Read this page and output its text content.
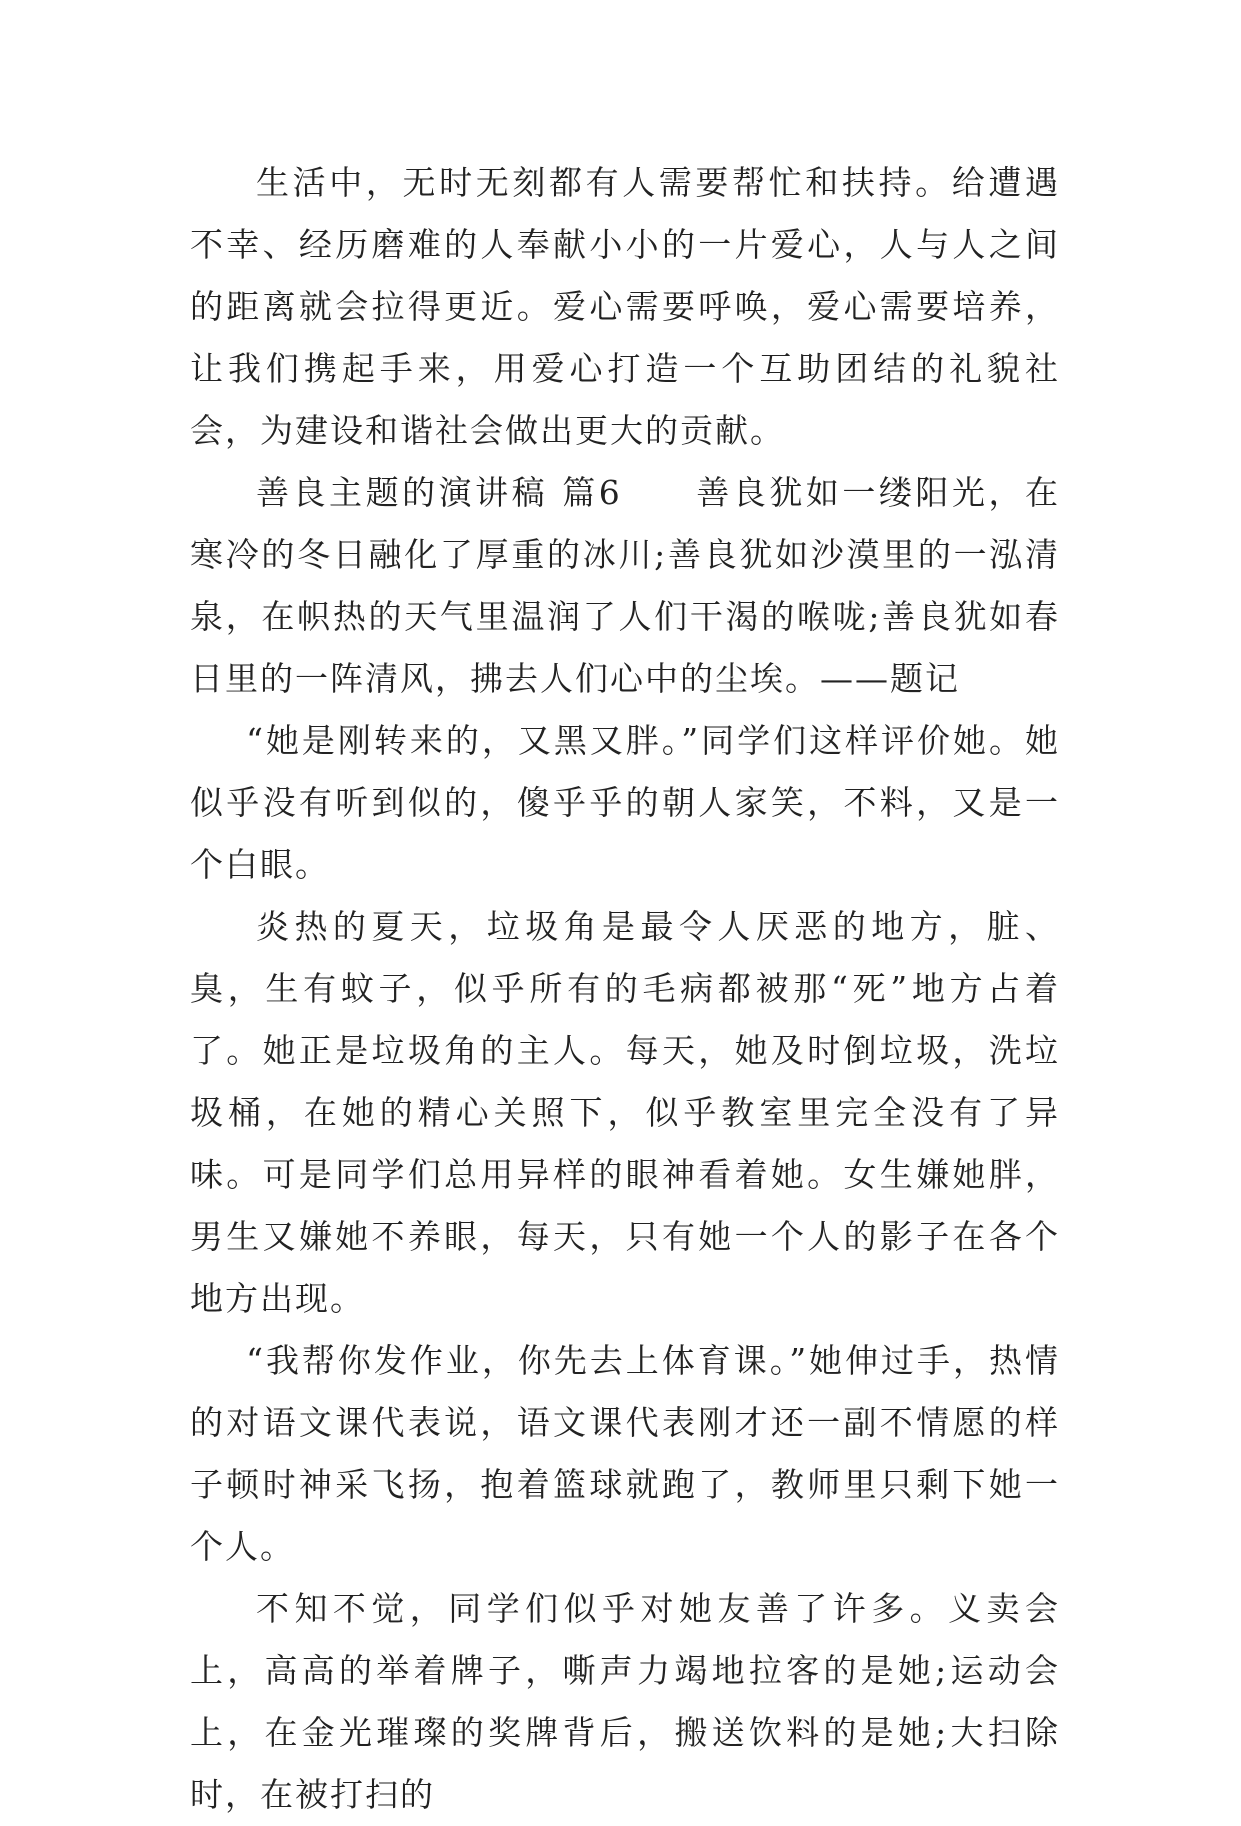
生活中，无时无刻都有人需要帮忙和扶持。给遭遇不幸、经历磨难的人奉献小小的一片爱心，人与人之间的距离就会拉得更近。爱心需要呼唤，爱心需要培养，让我们携起手来，用爱心打造一个互助团结的礼貌社会，为建设和谐社会做出更大的贡献。

善良主题的演讲稿 篇6　　善良犹如一缕阳光，在寒冷的冬日融化了厚重的冰川;善良犹如沙漠里的一泓清泉，在帜热的天气里温润了人们干渴的喉咙;善良犹如春日里的一阵清风，拂去人们心中的尘埃。——题记

“她是刚转来的，又黑又胖。”同学们这样评价她。她似乎没有听到似的，傻乎乎的朝人家笑，不料，又是一个白眼。

炎热的夏天，垃圾角是最令人厌恶的地方，脏、臭，生有蚊子，似乎所有的毛病都被那“死”地方占着了。她正是垃圾角的主人。每天，她及时倒垃圾，洗垃圾桶，在她的精心关照下，似乎教室里完全没有了异味。可是同学们总用异样的眼神看着她。女生嫌她胖，男生又嫌她不养眼，每天，只有她一个人的影子在各个地方出现。

“我帮你发作业，你先去上体育课。”她伸过手，热情的对语文课代表说，语文课代表刚才还一副不情愿的样子顿时神采飞扬，抱着篮球就跑了，教师里只剩下她一个人。

不知不觉，同学们似乎对她友善了许多。义卖会上，高高的举着牌子，嘶声力竭地拉客的是她;运动会上，在金光璀璨的奖牌背后，搬送饮料的是她;大扫除时，在被打扫的
